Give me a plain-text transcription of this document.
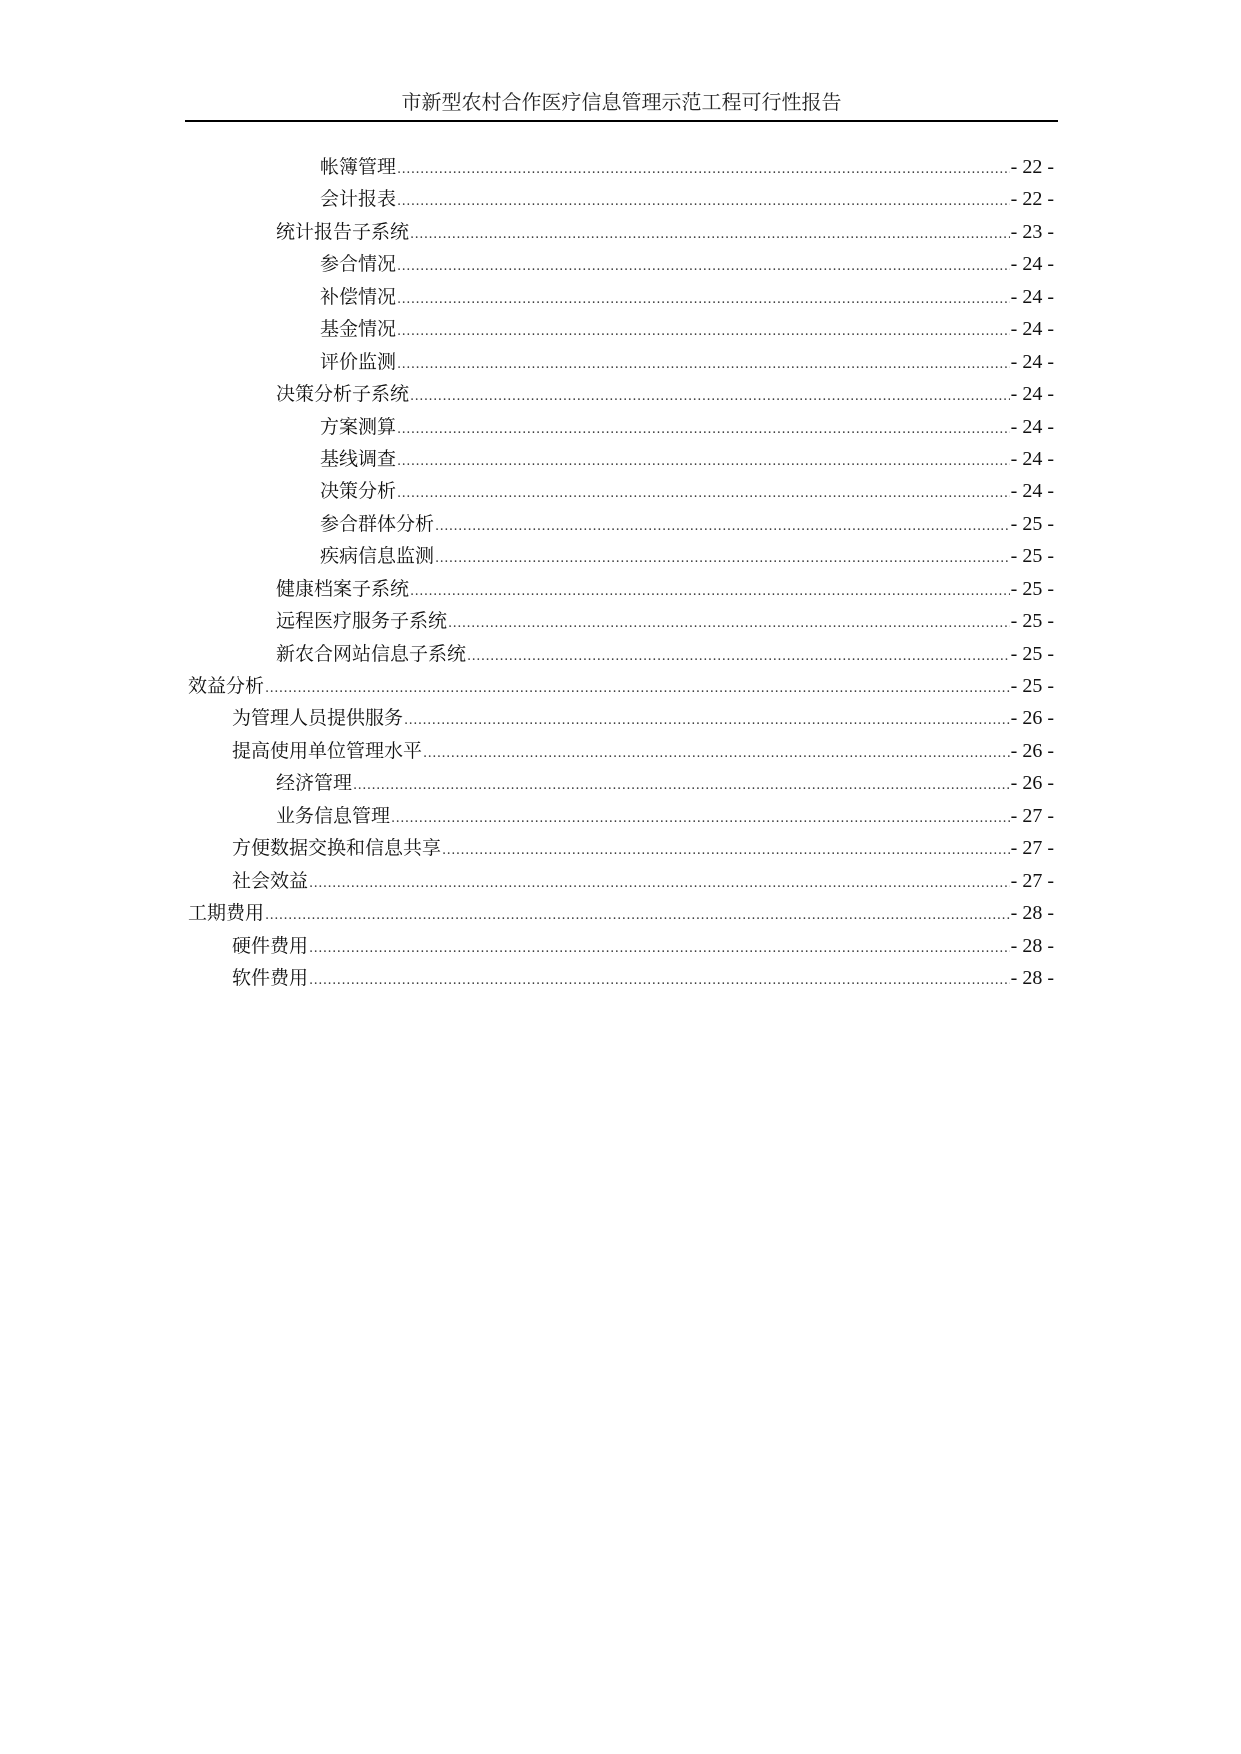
市新型农村合作医疗信息管理示范工程可行性报告
帐簿管理 .....	- 22 -
会计报表 .....	- 22 -
统计报告子系统 .....	- 23 -
参合情况 .....	- 24 -
补偿情况 .....	- 24 -
基金情况 .....	- 24 -
评价监测 .....	- 24 -
决策分析子系统 .....	- 24 -
方案测算 .....	- 24 -
基线调查 .....	- 24 -
决策分析 .....	- 24 -
参合群体分析 .....	- 25 -
疾病信息监测 .....	- 25 -
健康档案子系统 .....	- 25 -
远程医疗服务子系统 .....	- 25 -
新农合网站信息子系统 .....	- 25 -
效益分析 .....	- 25 -
为管理人员提供服务 .....	- 26 -
提高使用单位管理水平 .....	- 26 -
经济管理 .....	- 26 -
业务信息管理 .....	- 27 -
方便数据交换和信息共享 .....	- 27 -
社会效益 .....	- 27 -
工期费用 .....	- 28 -
硬件费用 .....	- 28 -
软件费用 .....	- 28 -
